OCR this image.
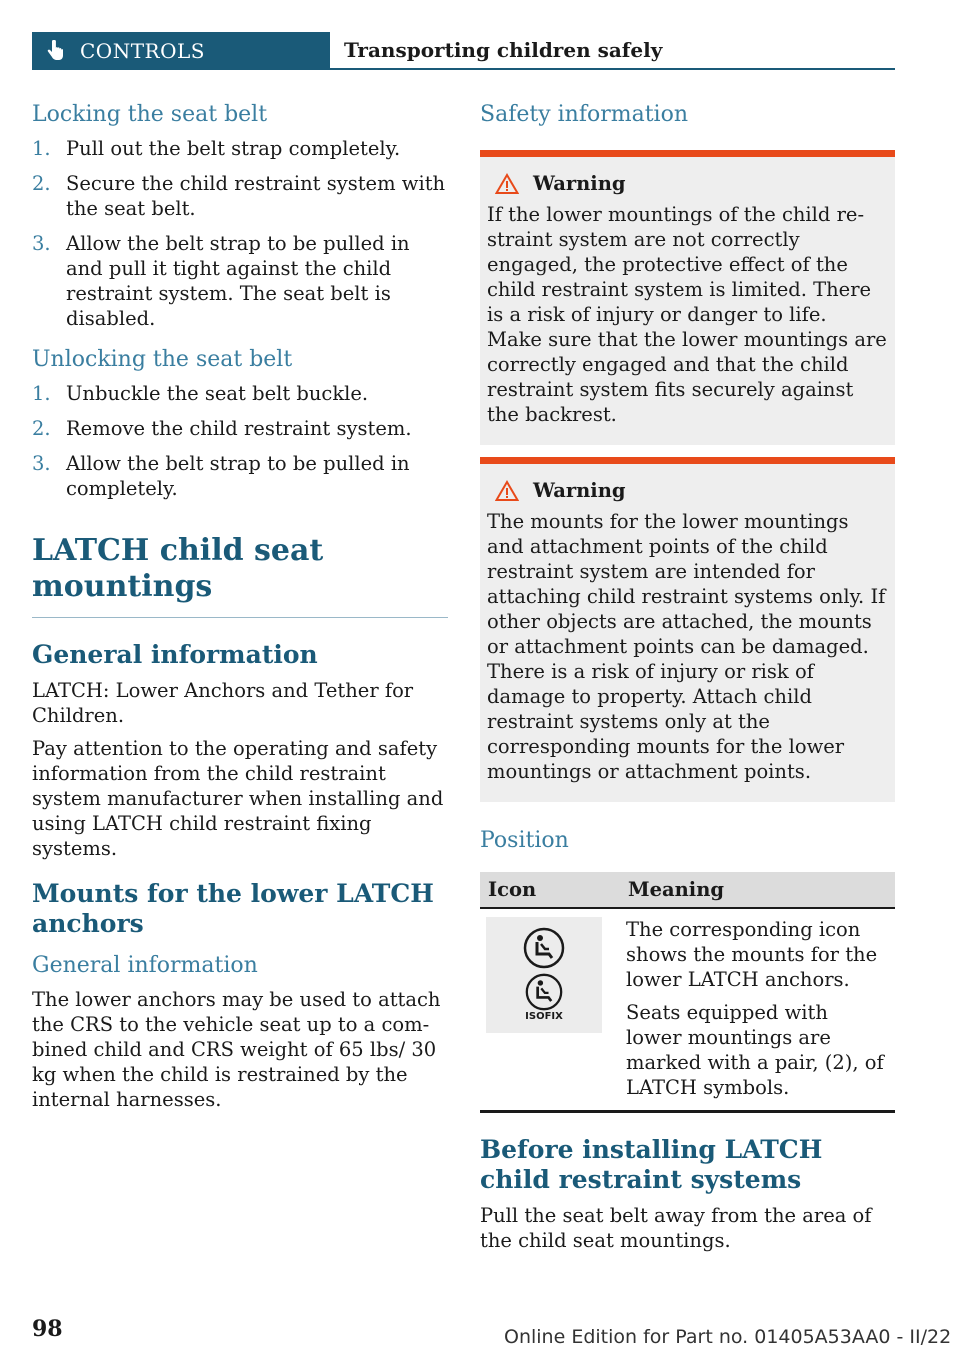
CONTROLS	Transporting children safely
Locking the seat belt
1. Pull out the belt strap completely.
2. Secure the child restraint system with the seat belt.
3. Allow the belt strap to be pulled in and pull it tight against the child restraint system. The seat belt is disabled.
Unlocking the seat belt
1. Unbuckle the seat belt buckle.
2. Remove the child restraint system.
3. Allow the belt strap to be pulled in completely.
LATCH child seat mountings
General information

LATCH: Lower Anchors and Tether for Children.

Pay attention to the operating and safety information from the child restraint system manufacturer when installing and using LATCH child restraint fixing systems.

Mounts for the lower LATCH anchors
General information

The lower anchors may be used to attach the CRS to the vehicle seat up to a combined child and CRS weight of 65 lbs/ 30 kg when the child is restrained by the internal harnesses.

Safety information
Warning
If the lower mountings of the child restraint system are not correctly engaged, the protective effect of the child restraint system is limited. There is a risk of injury or danger to life. Make sure that the lower mountings are correctly engaged and that the child restraint system fits securely against the backrest.
Warning
The mounts for the lower mountings and attachment points of the child restraint system are intended for attaching child restraint systems only. If other objects are attached, the mounts or attachment points can be damaged. There is a risk of injury or risk of damage to property. Attach child restraint systems only at the corresponding mounts for the lower mountings or attachment points.
Position
Icon	Meaning

ISOFIX	The corresponding icon shows the mounts for the lower LATCH anchors.

Seats equipped with lower mountings are marked with a pair, (2), of LATCH symbols.

Before installing LATCH child restraint systems

Pull the seat belt away from the area of the child seat mountings.

98	Online Edition for Part no. 01405A53AA0 - II/22
